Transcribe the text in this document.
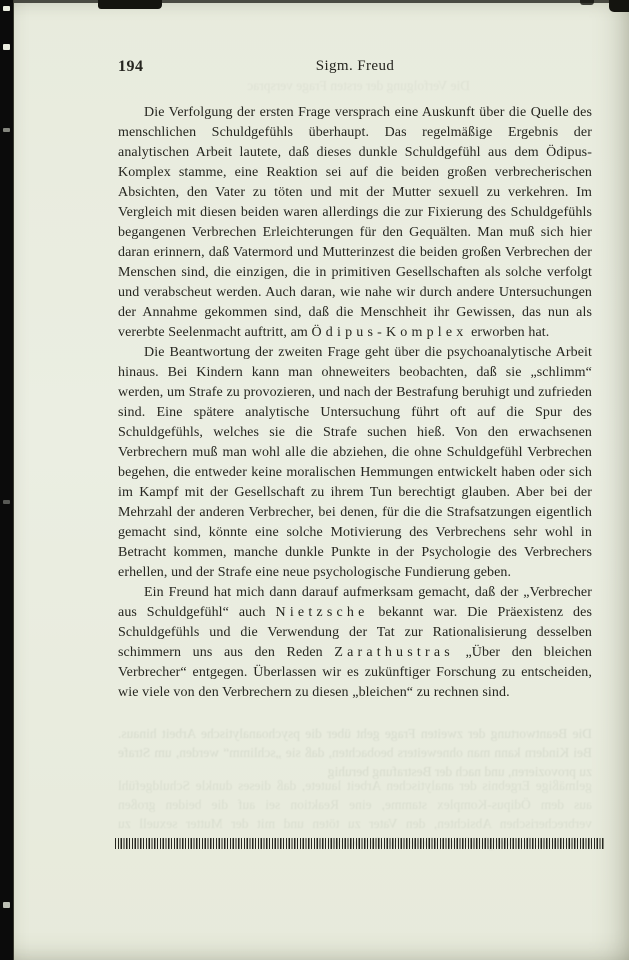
194	Sigm. Freud

Die Verfolgung der ersten Frage versprach eine Auskunft über die Quelle des menschlichen Schuldgefühls überhaupt. Das regelmäßige Ergebnis der analytischen Arbeit lautete, daß dieses dunkle Schuldgefühl aus dem Ödipus-Komplex stamme, eine Reaktion sei auf die beiden großen verbrecherischen Absichten, den Vater zu töten und mit der Mutter sexuell zu verkehren. Im Vergleich mit diesen beiden waren allerdings die zur Fixierung des Schuldgefühls begangenen Verbrechen Erleichterungen für den Gequälten. Man muß sich hier daran erinnern, daß Vatermord und Mutterinzest die beiden großen Verbrechen der Menschen sind, die einzigen, die in primitiven Gesellschaften als solche verfolgt und verabscheut werden. Auch daran, wie nahe wir durch andere Untersuchungen der Annahme gekommen sind, daß die Menschheit ihr Gewissen, das nun als vererbte Seelenmacht auftritt, am Ödipus-Komplex erworben hat.

Die Beantwortung der zweiten Frage geht über die psychoanalytische Arbeit hinaus. Bei Kindern kann man ohneweiters beobachten, daß sie „schlimm“ werden, um Strafe zu provozieren, und nach der Bestrafung beruhigt und zufrieden sind. Eine spätere analytische Untersuchung führt oft auf die Spur des Schuldgefühls, welches sie die Strafe suchen hieß. Von den erwachsenen Verbrechern muß man wohl alle die abziehen, die ohne Schuldgefühl Verbrechen begehen, die entweder keine moralischen Hemmungen entwickelt haben oder sich im Kampf mit der Gesellschaft zu ihrem Tun berechtigt glauben. Aber bei der Mehrzahl der anderen Verbrecher, bei denen, für die die Strafsatzungen eigentlich gemacht sind, könnte eine solche Motivierung des Verbrechens sehr wohl in Betracht kommen, manche dunkle Punkte in der Psychologie des Verbrechers erhellen, und der Strafe eine neue psychologische Fundierung geben.

Ein Freund hat mich dann darauf aufmerksam gemacht, daß der „Verbrecher aus Schuldgefühl“ auch Nietzsche bekannt war. Die Präexistenz des Schuldgefühls und die Verwendung der Tat zur Rationalisierung desselben schimmern uns aus den Reden Zarathustras „Über den bleichen Verbrecher“ entgegen. Überlassen wir es zukünftiger Forschung zu entscheiden, wie viele von den Verbrechern zu diesen „bleichen“ zu rechnen sind.

Die Verfolgung der ersten Frage versprac
Die Beantwortung der zweiten Frage geht über die psychoanalytische Arbeit hinaus. Bei Kindern kann man ohneweiters beobachten, daß sie „schlimm“ werden, um Strafe zu provozieren, und nach der Bestrafung beruhig
gelmäßige Ergebnis der analytischen Arbeit lautete, daß dieses dunkle Schuldgefühl aus dem Ödipus-Komplex stamme, eine Reaktion sei auf die beiden großen verbrecherischen Absichten, den Vater zu töten und mit der Mutter sexuell zu
